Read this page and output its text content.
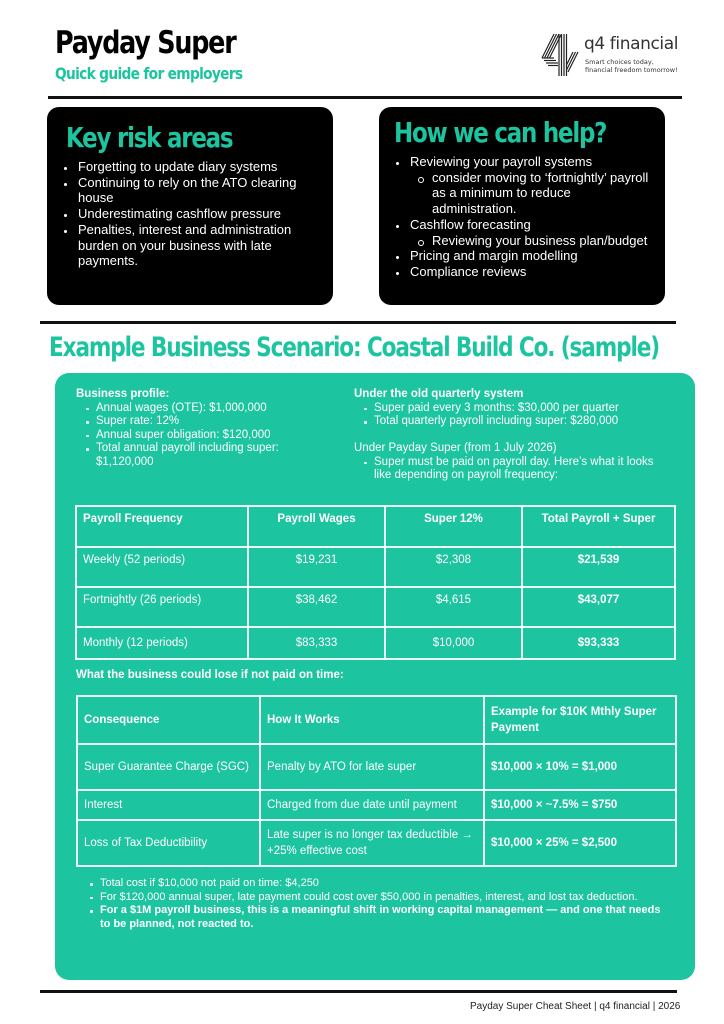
Payday Super
Quick guide for employers
q4 financial
Smart choices today,
financial freedom tomorrow!
Key risk areas
Forgetting to update diary systems
Continuing to rely on the ATO clearing house
Underestimating cashflow pressure
Penalties, interest and administration burden on your business with late payments.
How we can help?
Reviewing your payroll systems
consider moving to ‘fortnightly’ payroll as a minimum to reduce administration.
Cashflow forecasting
Reviewing your business plan/budget
Pricing and margin modelling
Compliance reviews
Example Business Scenario: Coastal Build Co. (sample)
Business profile:
Annual wages (OTE): $1,000,000
Super rate: 12%
Annual super obligation: $120,000
Total annual payroll including super: $1,120,000
Under the old quarterly system
Super paid every 3 months: $30,000 per quarter
Total quarterly payroll including super: $280,000
Under Payday Super (from 1 July 2026)
Super must be paid on payroll day. Here’s what it looks like depending on payroll frequency:
Payroll Frequency	Payroll Wages	Super 12%	Total Payroll + Super
Weekly (52 periods)	$19,231	$2,308	$21,539
Fortnightly (26 periods)	$38,462	$4,615	$43,077
Monthly (12 periods)	$83,333	$10,000	$93,333
What the business could lose if not paid on time:
Consequence	How It Works	Example for $10K Mthly Super Payment
Super Guarantee Charge (SGC)	Penalty by ATO for late super	$10,000 × 10% = $1,000
Interest	Charged from due date until payment	$10,000 × ~7.5% = $750
Loss of Tax Deductibility	Late super is no longer tax deductible → +25% effective cost	$10,000 × 25% = $2,500
Total cost if $10,000 not paid on time: $4,250
For $120,000 annual super, late payment could cost over $50,000 in penalties, interest, and lost tax deduction.
For a $1M payroll business, this is a meaningful shift in working capital management — and one that needs to be planned, not reacted to.
Payday Super Cheat Sheet | q4 financial | 2026
